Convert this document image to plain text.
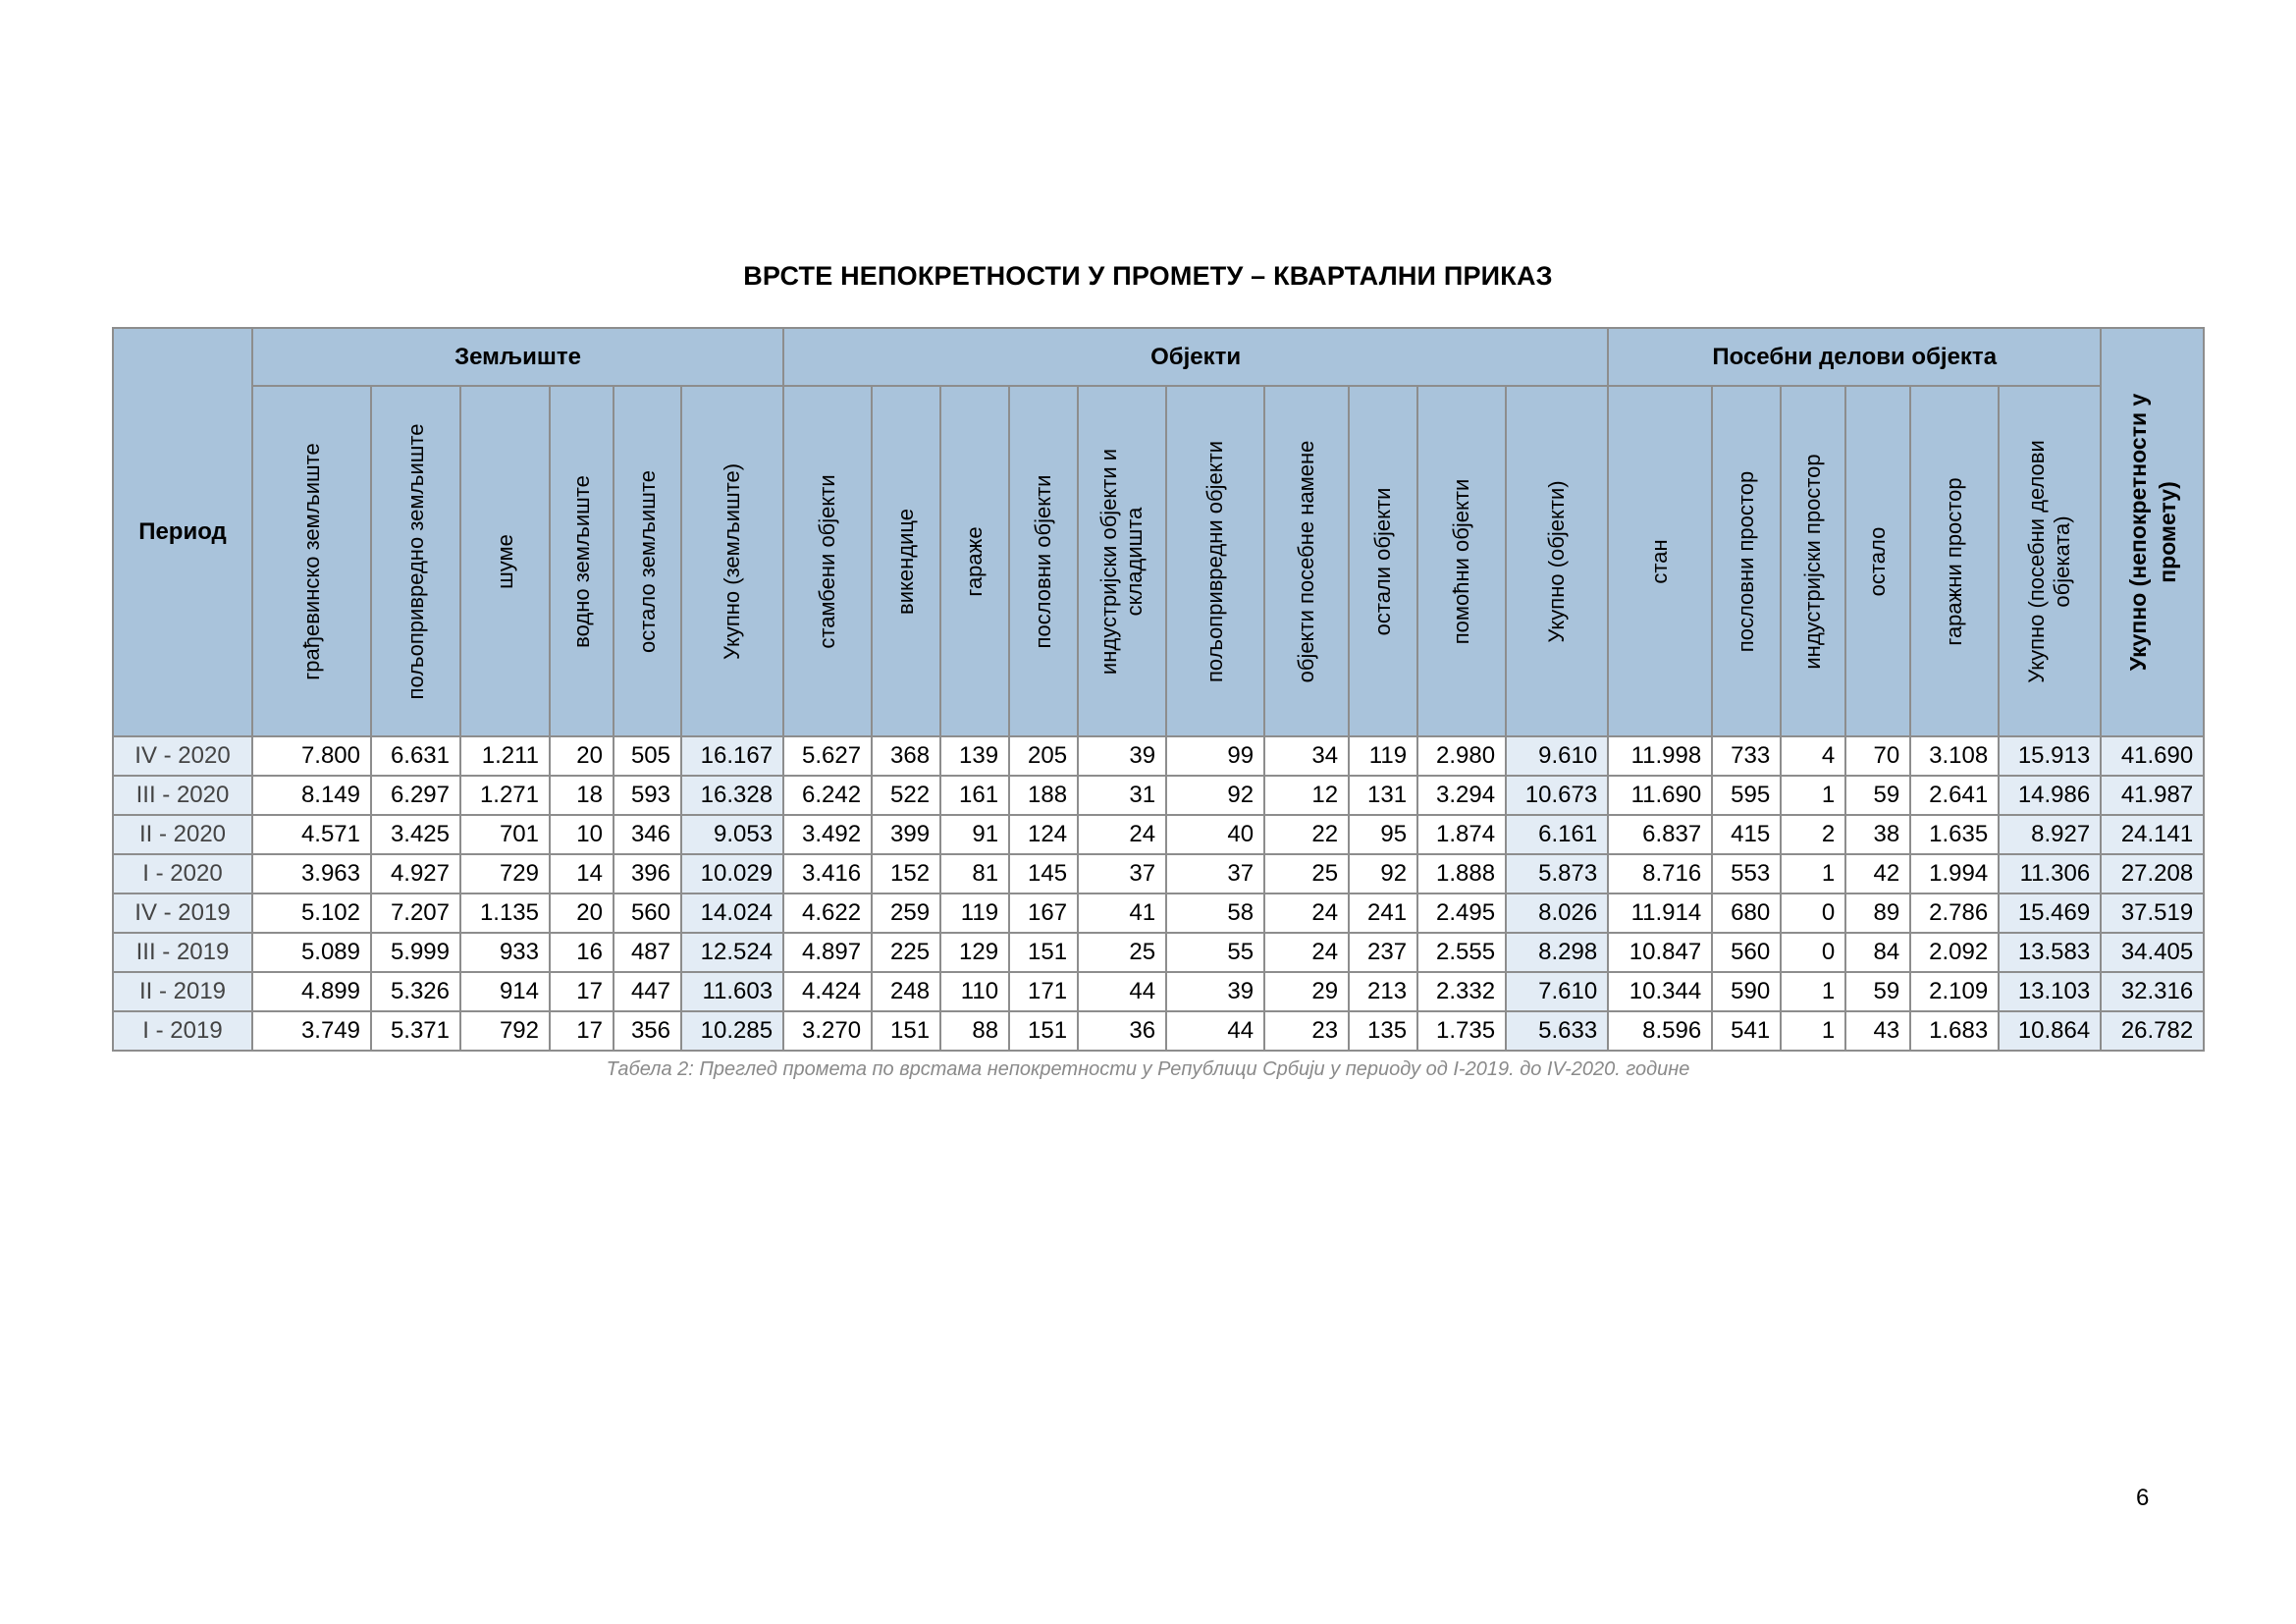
ВРСТЕ НЕПОКРЕТНОСТИ У ПРОМЕТУ – КВАРТАЛНИ ПРИКАЗ
Период	Земљиште						Објекти										Посебни делови објекта						Укупно (непокретности у промету)

	грађевинско земљиште	пољопривредно земљиште	шуме	водно земљиште	остало земљиште	Укупно (земљиште)	стамбени објекти	викендице	гараже	пословни објекти	индустријски објекти и складишта	пољопривредни објекти	објекти посебне намене	остали објекти	помоћни објекти	Укупно (објекти)	стан	пословни простор	индустријски простор	остало	гаражни простор	Укупно (посебни делови објеката)	

IV - 2020	7.800	6.631	1.211	20	505	16.167	5.627	368	139	205	39	99	34	119	2.980	9.610	11.998	733	4	70	3.108	15.913	41.690
III - 2020	8.149	6.297	1.271	18	593	16.328	6.242	522	161	188	31	92	12	131	3.294	10.673	11.690	595	1	59	2.641	14.986	41.987
II - 2020	4.571	3.425	701	10	346	9.053	3.492	399	91	124	24	40	22	95	1.874	6.161	6.837	415	2	38	1.635	8.927	24.141
I - 2020	3.963	4.927	729	14	396	10.029	3.416	152	81	145	37	37	25	92	1.888	5.873	8.716	553	1	42	1.994	11.306	27.208
IV - 2019	5.102	7.207	1.135	20	560	14.024	4.622	259	119	167	41	58	24	241	2.495	8.026	11.914	680	0	89	2.786	15.469	37.519
III - 2019	5.089	5.999	933	16	487	12.524	4.897	225	129	151	25	55	24	237	2.555	8.298	10.847	560	0	84	2.092	13.583	34.405
II - 2019	4.899	5.326	914	17	447	11.603	4.424	248	110	171	44	39	29	213	2.332	7.610	10.344	590	1	59	2.109	13.103	32.316
I - 2019	3.749	5.371	792	17	356	10.285	3.270	151	88	151	36	44	23	135	1.735	5.633	8.596	541	1	43	1.683	10.864	26.782
Табела 2: Преглед промета по врстама непокретности у Републици Србији у периоду од I-2019. до IV-2020. године
6
